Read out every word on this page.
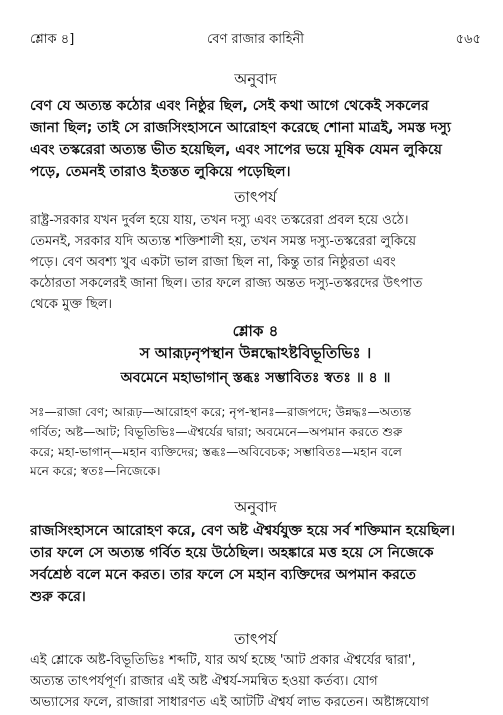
শ্লোক ৪]	বেণ রাজার কাহিনী	৫৬৫
অনুবাদ
বেণ যে অত্যন্ত কঠোর এবং নিষ্ঠুর ছিল, সেই কথা আগে থেকেই সকলের
জানা ছিল; তাই সে রাজসিংহাসনে আরোহণ করেছে শোনা মাত্রই, সমস্ত দস্যু
এবং তস্করেরা অত্যন্ত ভীত হয়েছিল, এবং সাপের ভয়ে মূষিক যেমন লুকিয়ে
পড়ে, তেমনই তারাও ইতস্তত লুকিয়ে পড়েছিল।
তাৎপর্য
রাষ্ট্র-সরকার যখন দুর্বল হয়ে যায়, তখন দস্যু এবং তস্করেরা প্রবল হয়ে ওঠে।
তেমনই, সরকার যদি অত্যন্ত শক্তিশালী হয়, তখন সমস্ত দস্যু-তস্করেরা লুকিয়ে
পড়ে। বেণ অবশ্য খুব একটা ভাল রাজা ছিল না, কিন্তু তার নিষ্ঠুরতা এবং
কঠোরতা সকলেরই জানা ছিল। তার ফলে রাজ্য অন্তত দস্যু-তস্করদের উৎপাত
থেকে মুক্ত ছিল।
শ্লোক ৪
স আরূঢ়নৃপস্থান উন্নদ্ধোঽষ্টবিভূতিভিঃ ।
অবমেনে মহাভাগান্ স্তব্ধঃ সম্ভাবিতঃ স্বতঃ ॥ ৪ ॥
সঃ—রাজা বেণ; আরূঢ়—আরোহণ করে; নৃপ-স্থানঃ—রাজপদে; উন্নদ্ধঃ—অত্যন্ত
গর্বিত; অষ্ট—আট; বিভূতিভিঃ—ঐশ্বর্যের দ্বারা; অবমেনে—অপমান করতে শুরু
করে; মহা-ভাগান্—মহান ব্যক্তিদের; স্তব্ধঃ—অবিবেচক; সম্ভাবিতঃ—মহান বলে
মনে করে; স্বতঃ—নিজেকে।
অনুবাদ
রাজসিংহাসনে আরোহণ করে, বেণ অষ্ট ঐশ্বর্যযুক্ত হয়ে সর্ব শক্তিমান হয়েছিল।
তার ফলে সে অত্যন্ত গর্বিত হয়ে উঠেছিল। অহঙ্কারে মত্ত হয়ে সে নিজেকে
সর্বশ্রেষ্ঠ বলে মনে করত। তার ফলে সে মহান ব্যক্তিদের অপমান করতে
শুরু করে।
তাৎপর্য
এই শ্লোকে অষ্ট-বিভূতিভিঃ শব্দটি, যার অর্থ হচ্ছে 'আট প্রকার ঐশ্বর্যের দ্বারা',
অত্যন্ত তাৎপর্যপূর্ণ। রাজার এই অষ্ট ঐশ্বর্য-সমন্বিত হওয়া কর্তব্য। যোগ
অভ্যাসের ফলে, রাজারা সাধারণত এই আটটি ঐশ্বর্য লাভ করতেন। অষ্টাঙ্গযোগ
